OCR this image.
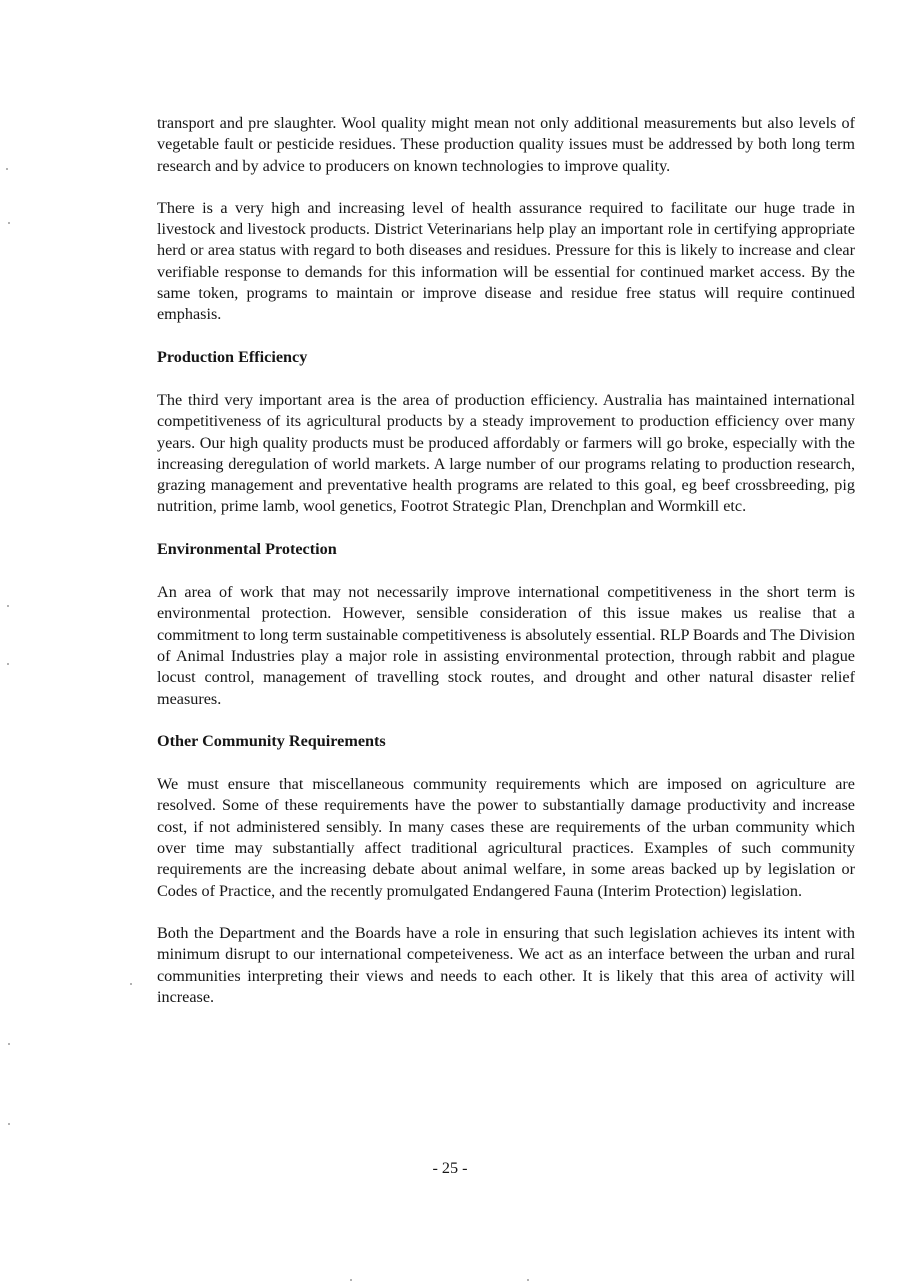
transport and pre slaughter. Wool quality might mean not only additional measurements but also levels of vegetable fault or pesticide residues. These production quality issues must be addressed by both long term research and by advice to producers on known technologies to improve quality.

There is a very high and increasing level of health assurance required to facilitate our huge trade in livestock and livestock products. District Veterinarians help play an important role in certifying appropriate herd or area status with regard to both diseases and residues. Pressure for this is likely to increase and clear verifiable response to demands for this information will be essential for continued market access. By the same token, programs to maintain or improve disease and residue free status will require continued emphasis.

Production Efficiency

The third very important area is the area of production efficiency. Australia has maintained international competitiveness of its agricultural products by a steady improvement to production efficiency over many years. Our high quality products must be produced affordably or farmers will go broke, especially with the increasing deregulation of world markets. A large number of our programs relating to production research, grazing management and preventative health programs are related to this goal, eg beef crossbreeding, pig nutrition, prime lamb, wool genetics, Footrot Strategic Plan, Drenchplan and Wormkill etc.

Environmental Protection

An area of work that may not necessarily improve international competitiveness in the short term is environmental protection. However, sensible consideration of this issue makes us realise that a commitment to long term sustainable competitiveness is absolutely essential. RLP Boards and The Division of Animal Industries play a major role in assisting environmental protection, through rabbit and plague locust control, management of travelling stock routes, and drought and other natural disaster relief measures.

Other Community Requirements

We must ensure that miscellaneous community requirements which are imposed on agriculture are resolved. Some of these requirements have the power to substantially damage productivity and increase cost, if not administered sensibly. In many cases these are requirements of the urban community which over time may substantially affect traditional agricultural practices. Examples of such community requirements are the increasing debate about animal welfare, in some areas backed up by legislation or Codes of Practice, and the recently promulgated Endangered Fauna (Interim Protection) legislation.

Both the Department and the Boards have a role in ensuring that such legislation achieves its intent with minimum disrupt to our international competeiveness. We act as an interface between the urban and rural communities interpreting their views and needs to each other. It is likely that this area of activity will increase.

- 25 -
